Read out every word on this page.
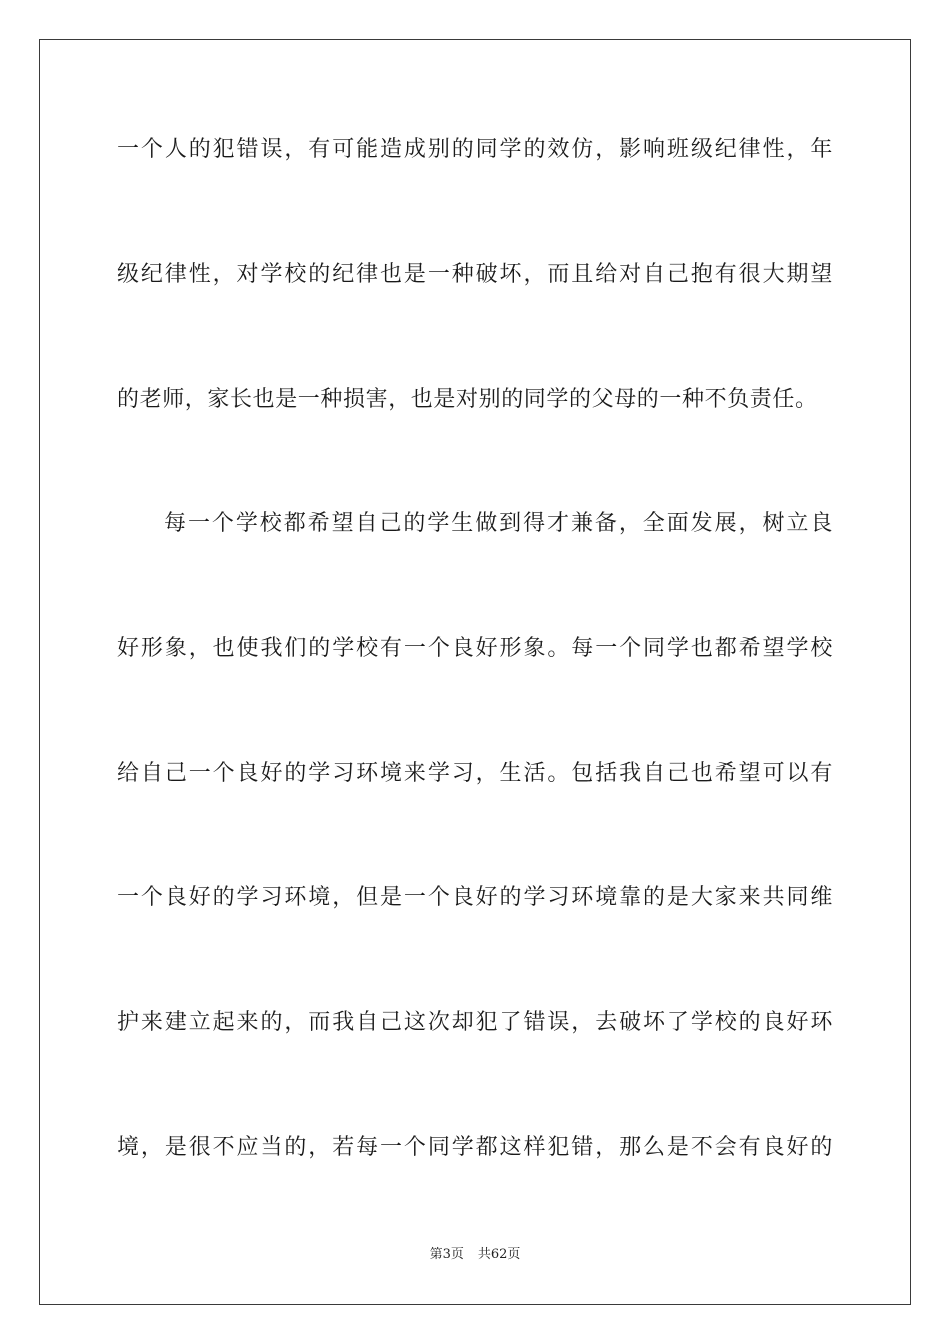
一个人的犯错误，有可能造成别的同学的效仿，影响班级纪律性，年
级纪律性，对学校的纪律也是一种破坏，而且给对自己抱有很大期望
的老师，家长也是一种损害，也是对别的同学的父母的一种不负责任。
每一个学校都希望自己的学生做到得才兼备，全面发展，树立良
好形象，也使我们的学校有一个良好形象。每一个同学也都希望学校
给自己一个良好的学习环境来学习，生活。包括我自己也希望可以有
一个良好的学习环境，但是一个良好的学习环境靠的是大家来共同维
护来建立起来的，而我自己这次却犯了错误，去破坏了学校的良好环
境，是很不应当的，若每一个同学都这样犯错，那么是不会有良好的
第3页 共62页
